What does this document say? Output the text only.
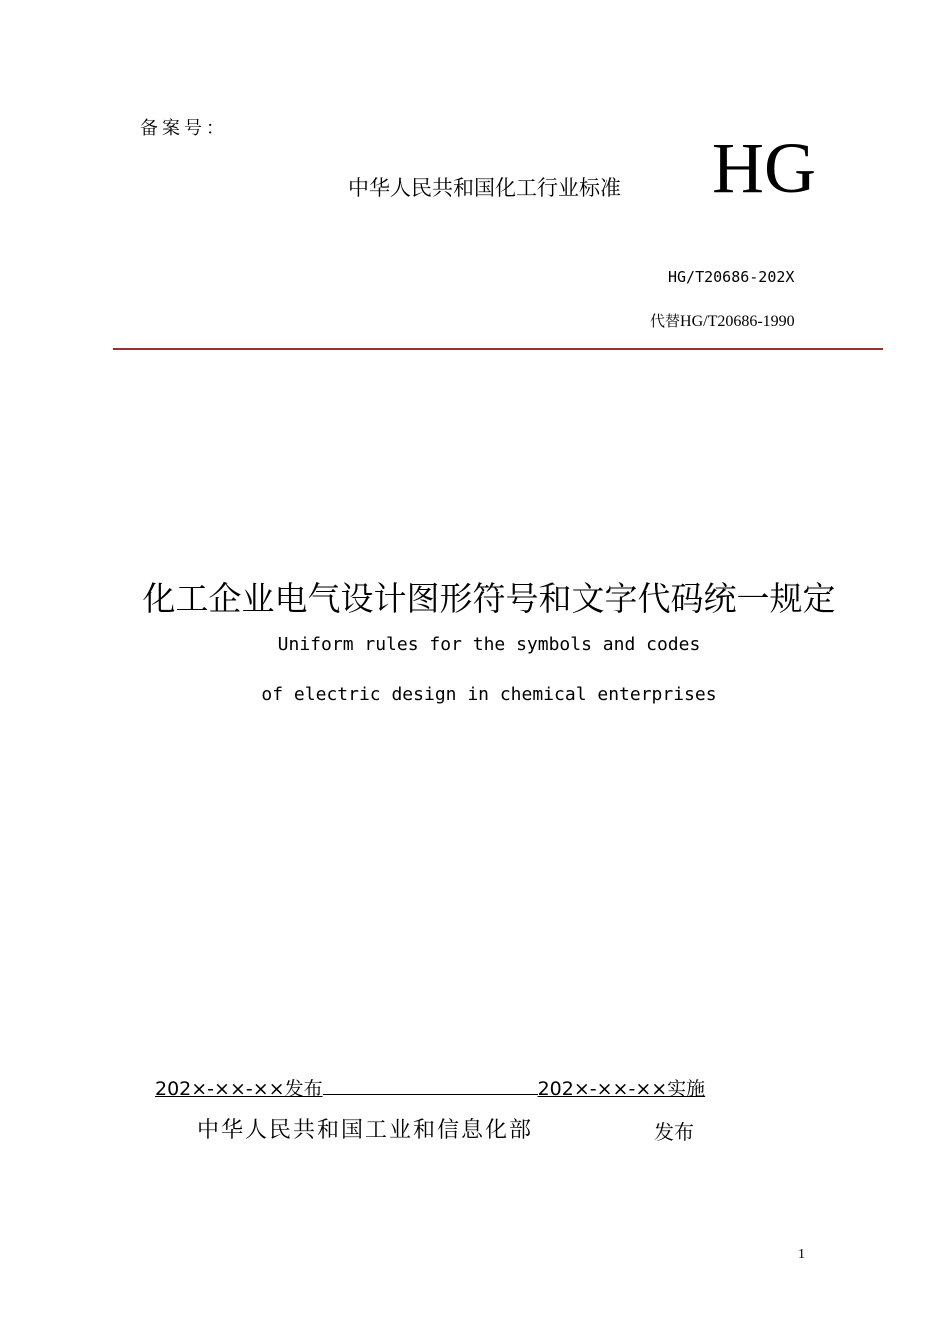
备案号：
中华人民共和国化工行业标准 HG
HG/T20686-202X
代替HG/T20686-1990
化工企业电气设计图形符号和文字代码统一规定
Uniform rules for the symbols and codes
of electric design in chemical enterprises
202×-××-××发布	202×-××-××实施
中华人民共和国工业和信息化部	发布
1
